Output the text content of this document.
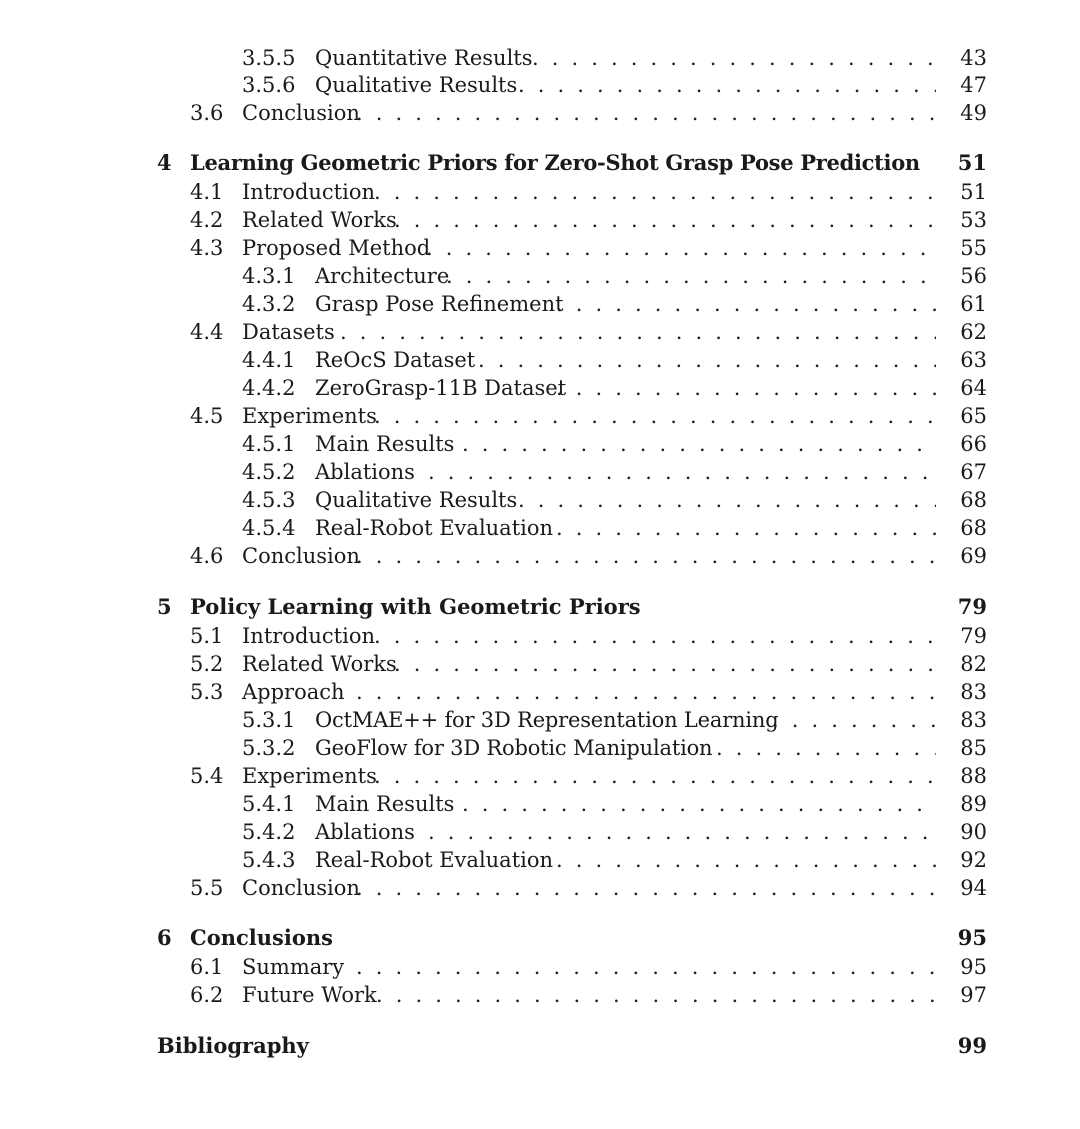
3.5.5 Quantitative Results . . .	43
3.5.6 Qualitative Results . . .	47
3.6 Conclusion . . .	49
4 Learning Geometric Priors for Zero-Shot Grasp Pose Prediction 51
4.1 Introduction . . .	51
4.2 Related Works . . .	53
4.3 Proposed Method . . .	55
4.3.1 Architecture . . .	56
4.3.2 Grasp Pose Refinement . . .	61
4.4 Datasets . . .	62
4.4.1 ReOcS Dataset . . .	63
4.4.2 ZeroGrasp-11B Dataset . . .	64
4.5 Experiments . . .	65
4.5.1 Main Results . . .	66
4.5.2 Ablations . . .	67
4.5.3 Qualitative Results . . .	68
4.5.4 Real-Robot Evaluation . . .	68
4.6 Conclusion . . .	69
5 Policy Learning with Geometric Priors	79
5.1 Introduction . . .	79
5.2 Related Works . . .	82
5.3 Approach . . .	83
5.3.1 OctMAE++ for 3D Representation Learning . . .	83
5.3.2 GeoFlow for 3D Robotic Manipulation . . .	85
5.4 Experiments . . .	88
5.4.1 Main Results . . .	89
5.4.2 Ablations . . .	90
5.4.3 Real-Robot Evaluation . . .	92
5.5 Conclusion . . .	94
6 Conclusions	95
6.1 Summary . . .	95
6.2 Future Work . . .	97
Bibliography	99
